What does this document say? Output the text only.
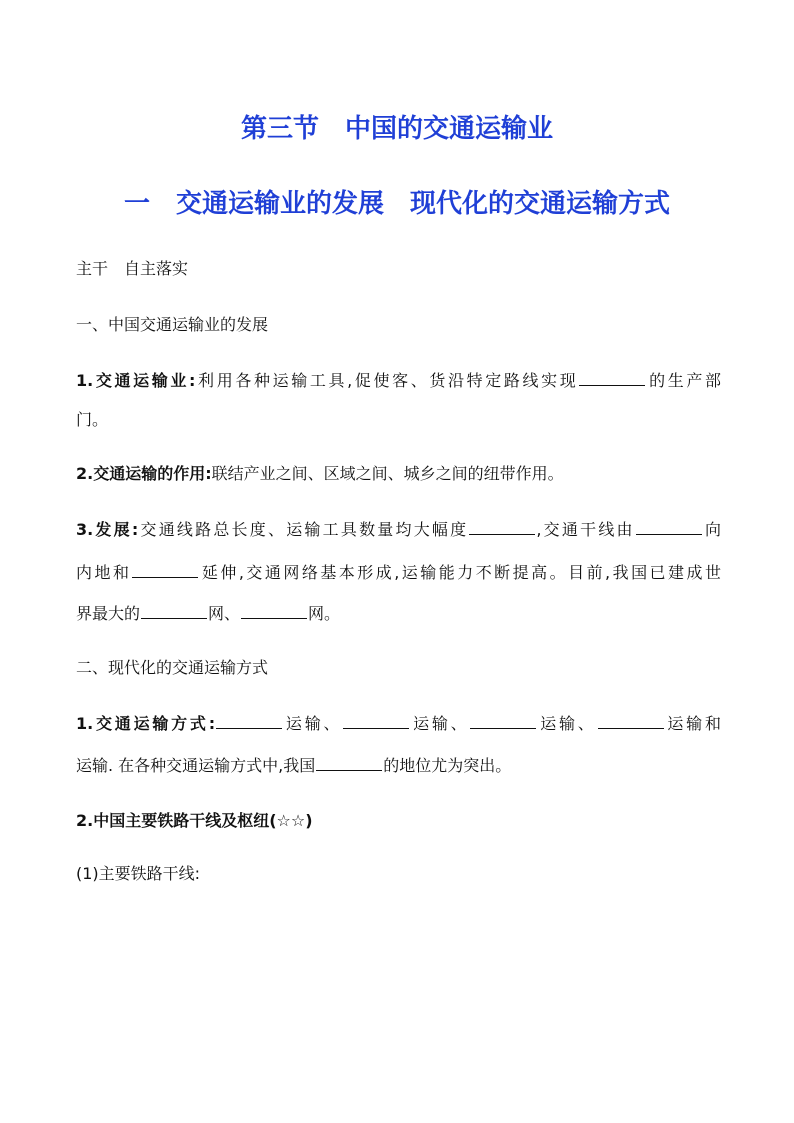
第三节　中国的交通运输业
一　交通运输业的发展　现代化的交通运输方式
主干　自主落实
一、中国交通运输业的发展
1.交通运输业:利用各种运输工具,促使客、货沿特定路线实现	的生产部
门。
2.交通运输的作用:联结产业之间、区域之间、城乡之间的纽带作用。
3.发展:交通线路总长度、运输工具数量均大幅度	,交通干线由	向
内地和	延伸,交通网络基本形成,运输能力不断提高。目前,我国已建成世
界最大的	网、	网。
二、现代化的交通运输方式
1.交通运输方式:	运输、	运输、	运输、	运输和
运输. 在各种交通运输方式中,我国	的地位尤为突出。
2.中国主要铁路干线及枢纽(☆☆)
(1)主要铁路干线:
